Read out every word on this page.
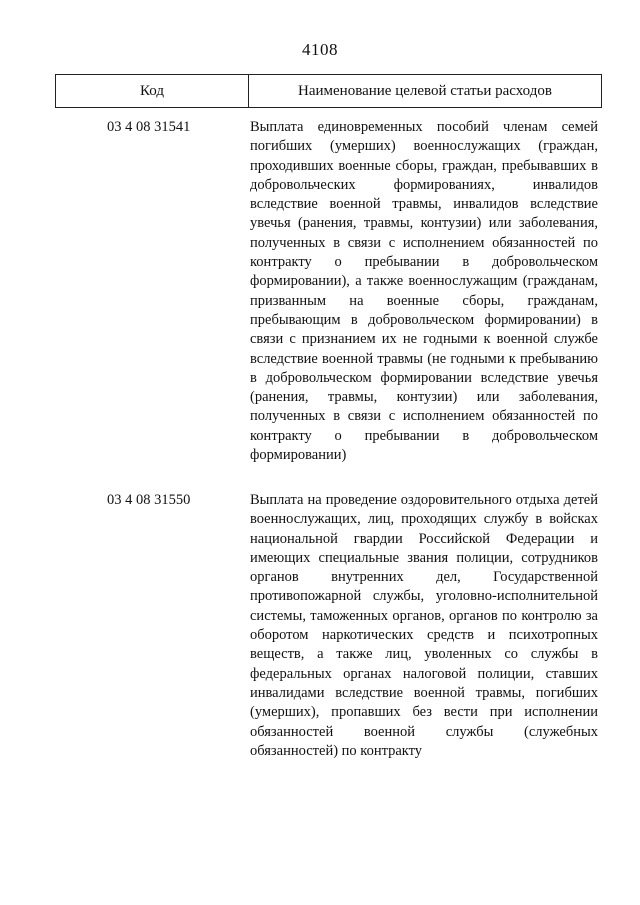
4108
Код	Наименование целевой статьи расходов
03 4 08 31541	Выплата единовременных пособий членам семей погибших (умерших) военнослужащих (граждан, проходивших военные сборы, граждан, пребывавших в добровольческих формированиях, инвалидов вследствие военной травмы, инвалидов вследствие увечья (ранения, травмы, контузии) или заболевания, полученных в связи с исполнением обязанностей по контракту о пребывании в добровольческом формировании), а также военнослужащим (гражданам, призванным на военные сборы, гражданам, пребывающим в добровольческом формировании) в связи с признанием их не годными к военной службе вследствие военной травмы (не годными к пребыванию в добровольческом формировании вследствие увечья (ранения, травмы, контузии) или заболевания, полученных в связи с исполнением обязанностей по контракту о пребывании в добровольческом формировании)
03 4 08 31550	Выплата на проведение оздоровительного отдыха детей военнослужащих, лиц, проходящих службу в войсках национальной гвардии Российской Федерации и имеющих специальные звания полиции, сотрудников органов внутренних дел, Государственной противопожарной службы, уголовно-исполнительной системы, таможенных органов, органов по контролю за оборотом наркотических средств и психотропных веществ, а также лиц, уволенных со службы в федеральных органах налоговой полиции, ставших инвалидами вследствие военной травмы, погибших (умерших), пропавших без вести при исполнении обязанностей военной службы (служебных обязанностей) по контракту
